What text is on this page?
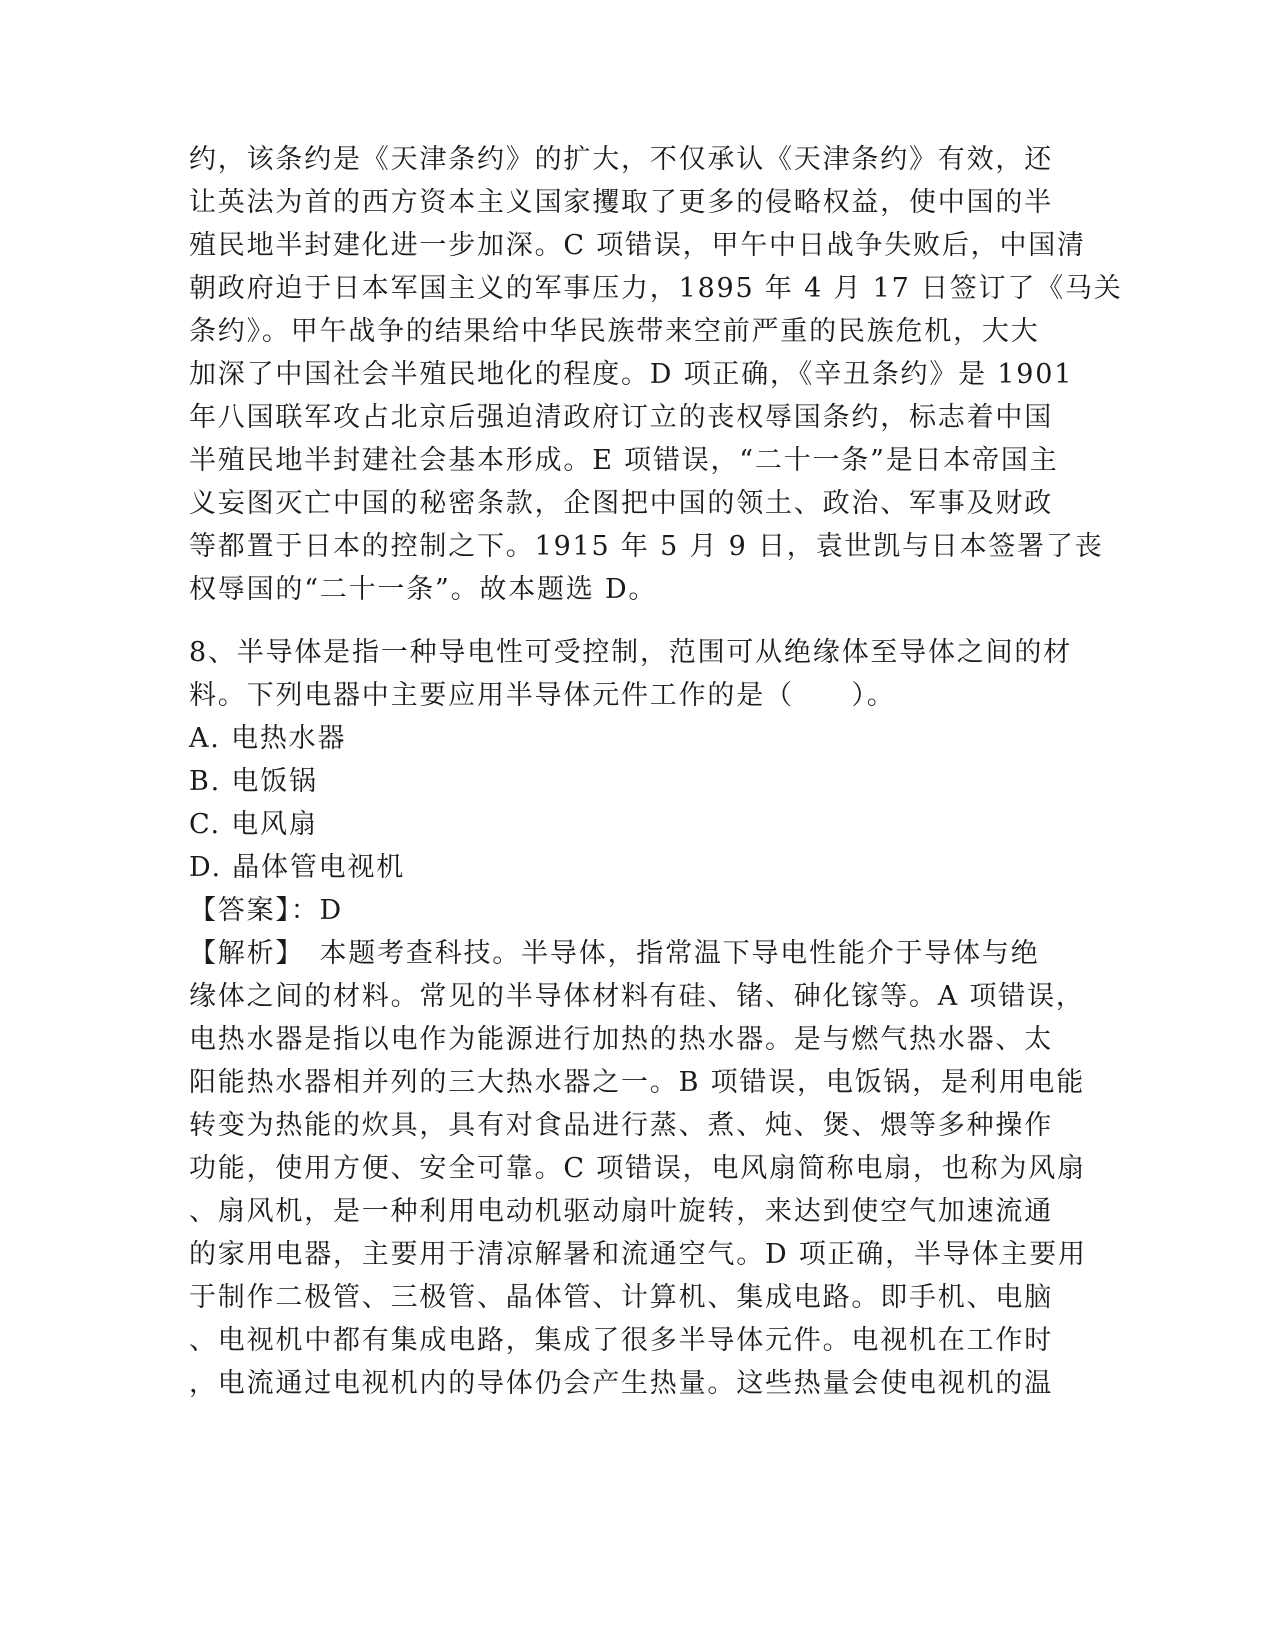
约，该条约是《天津条约》的扩大，不仅承认《天津条约》有效，还
让英法为首的西方资本主义国家攫取了更多的侵略权益，使中国的半
殖民地半封建化进一步加深。C 项错误，甲午中日战争失败后，中国清
朝政府迫于日本军国主义的军事压力，1895 年 4 月 17 日签订了《马关
条约》。甲午战争的结果给中华民族带来空前严重的民族危机，大大
加深了中国社会半殖民地化的程度。D 项正确，《辛丑条约》是 1901
年八国联军攻占北京后强迫清政府订立的丧权辱国条约，标志着中国
半殖民地半封建社会基本形成。E 项错误，“二十一条”是日本帝国主
义妄图灭亡中国的秘密条款，企图把中国的领土、政治、军事及财政
等都置于日本的控制之下。1915 年 5 月 9 日，袁世凯与日本签署了丧
权辱国的“二十一条”。故本题选 D。
8、半导体是指一种导电性可受控制，范围可从绝缘体至导体之间的材
料。下列电器中主要应用半导体元件工作的是（　　）。
A. 电热水器
B. 电饭锅
C. 电风扇
D. 晶体管电视机
【答案】：D
【解析】　本题考查科技。半导体，指常温下导电性能介于导体与绝
缘体之间的材料。常见的半导体材料有硅、锗、砷化镓等。A 项错误，
电热水器是指以电作为能源进行加热的热水器。是与燃气热水器、太
阳能热水器相并列的三大热水器之一。B 项错误，电饭锅，是利用电能
转变为热能的炊具，具有对食品进行蒸、煮、炖、煲、煨等多种操作
功能，使用方便、安全可靠。C 项错误，电风扇简称电扇，也称为风扇
、扇风机，是一种利用电动机驱动扇叶旋转，来达到使空气加速流通
的家用电器，主要用于清凉解暑和流通空气。D 项正确，半导体主要用
于制作二极管、三极管、晶体管、计算机、集成电路。即手机、电脑
、电视机中都有集成电路，集成了很多半导体元件。电视机在工作时
，电流通过电视机内的导体仍会产生热量。这些热量会使电视机的温
